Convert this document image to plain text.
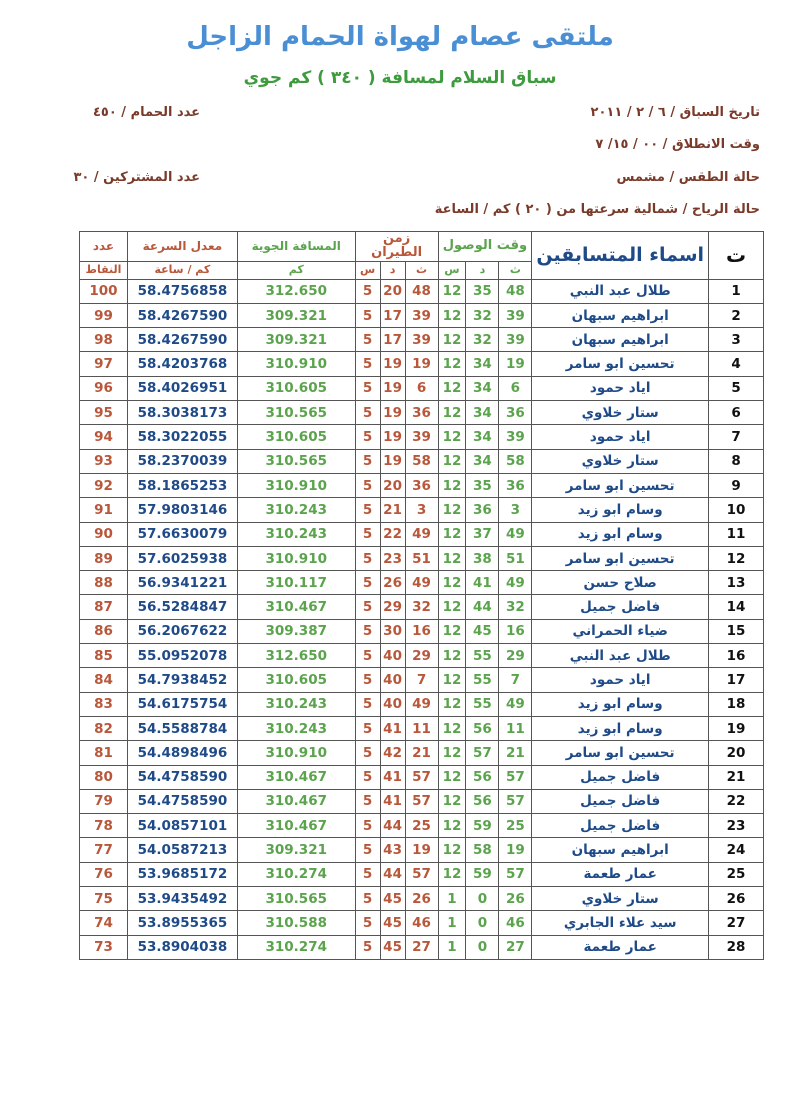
ملتقى عصام لهواة الحمام الزاجل
سباق السلام لمسافة ( ٣٤٠ ) كم جوي
تاريخ السباق / ٦ / ٢ / ٢٠١١
عدد الحمام / ٤٥٠
وقت الانطلاق / ٠٠ / ١٥/ ٧
حالة الطقس / مشمس
عدد المشتركين / ٣٠
حالة الرياح / شمالية سرعتها من ( ٢٠ ) كم / الساعة
عدد	معدل السرعة	المسافة الجوية	زمن الطيران			وقت الوصول			اسماء المتسابقين	ت
النقاط	كم / ساعة	كم	س	د	ث	س	د	ث		
100	58.4756858	312.650	5	20	48	12	35	48	طلال عبد النبي	1
99	58.4267590	309.321	5	17	39	12	32	39	ابراهيم سبهان	2
98	58.4267590	309.321	5	17	39	12	32	39	ابراهيم سبهان	3
97	58.4203768	310.910	5	19	19	12	34	19	تحسين ابو سامر	4
96	58.4026951	310.605	5	19	6	12	34	6	اياد حمود	5
95	58.3038173	310.565	5	19	36	12	34	36	ستار خلاوي	6
94	58.3022055	310.605	5	19	39	12	34	39	اياد حمود	7
93	58.2370039	310.565	5	19	58	12	34	58	ستار خلاوي	8
92	58.1865253	310.910	5	20	36	12	35	36	تحسين ابو سامر	9
91	57.9803146	310.243	5	21	3	12	36	3	وسام ابو زيد	10
90	57.6630079	310.243	5	22	49	12	37	49	وسام ابو زيد	11
89	57.6025938	310.910	5	23	51	12	38	51	تحسين ابو سامر	12
88	56.9341221	310.117	5	26	49	12	41	49	صلاح حسن	13
87	56.5284847	310.467	5	29	32	12	44	32	فاضل جميل	14
86	56.2067622	309.387	5	30	16	12	45	16	ضياء الحمراني	15
85	55.0952078	312.650	5	40	29	12	55	29	طلال عبد النبي	16
84	54.7938452	310.605	5	40	7	12	55	7	اياد حمود	17
83	54.6175754	310.243	5	40	49	12	55	49	وسام ابو زيد	18
82	54.5588784	310.243	5	41	11	12	56	11	وسام ابو زيد	19
81	54.4898496	310.910	5	42	21	12	57	21	تحسين ابو سامر	20
80	54.4758590	310.467	5	41	57	12	56	57	فاضل جميل	21
79	54.4758590	310.467	5	41	57	12	56	57	فاضل جميل	22
78	54.0857101	310.467	5	44	25	12	59	25	فاضل جميل	23
77	54.0587213	309.321	5	43	19	12	58	19	ابراهيم سبهان	24
76	53.9685172	310.274	5	44	57	12	59	57	عمار طعمة	25
75	53.9435492	310.565	5	45	26	1	0	26	ستار خلاوي	26
74	53.8955365	310.588	5	45	46	1	0	46	سيد علاء الجابري	27
73	53.8904038	310.274	5	45	27	1	0	27	عمار طعمة	28
